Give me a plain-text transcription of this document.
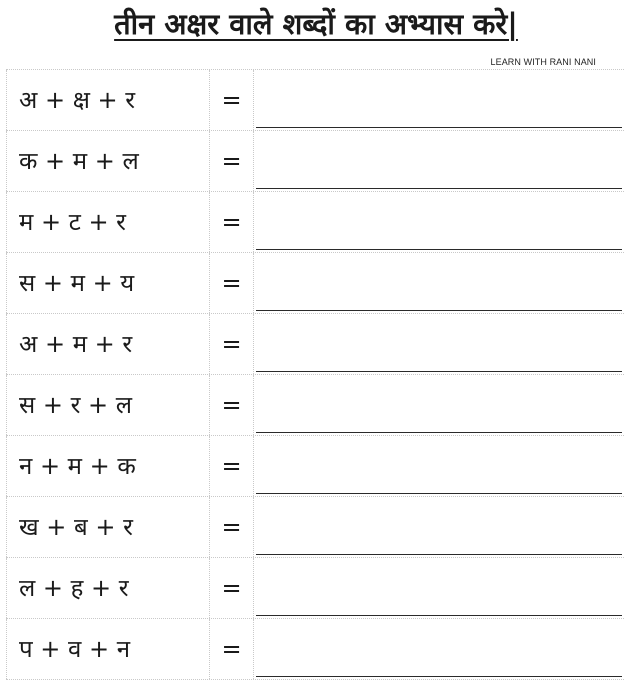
तीन अक्षर वाले शब्दों का अभ्यास करे|
LEARN WITH RANI NANI
अ + क्ष + र	=
क + म + ल	=
म + ट + र	=
स + म + य	=
अ + म + र	=
स + र + ल	=
न + म + क	=
ख + ब + र	=
ल + ह + र	=
प + व + न	=
